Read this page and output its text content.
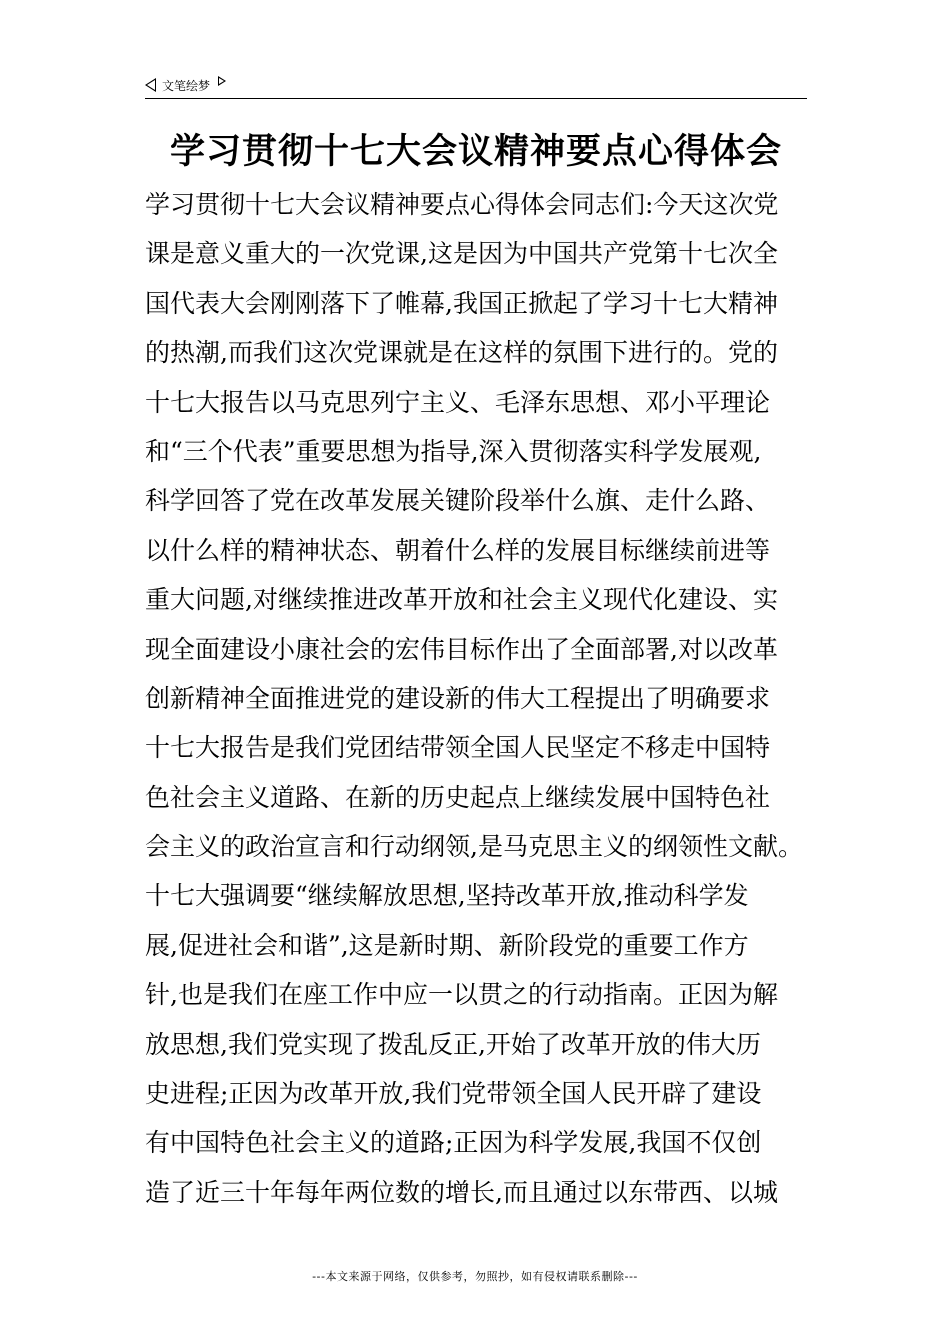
文笔绘梦
学习贯彻十七大会议精神要点心得体会
学习贯彻十七大会议精神要点心得体会同志们:今天这次党
课是意义重大的一次党课,这是因为中国共产党第十七次全
国代表大会刚刚落下了帷幕,我国正掀起了学习十七大精神
的热潮,而我们这次党课就是在这样的氛围下进行的。党的
十七大报告以马克思列宁主义、毛泽东思想、邓小平理论
和“三个代表”重要思想为指导,深入贯彻落实科学发展观,
科学回答了党在改革发展关键阶段举什么旗、走什么路、
以什么样的精神状态、朝着什么样的发展目标继续前进等
重大问题,对继续推进改革开放和社会主义现代化建设、实
现全面建设小康社会的宏伟目标作出了全面部署,对以改革
创新精神全面推进党的建设新的伟大工程提出了明确要求
十七大报告是我们党团结带领全国人民坚定不移走中国特
色社会主义道路、在新的历史起点上继续发展中国特色社
会主义的政治宣言和行动纲领,是马克思主义的纲领性文献。
十七大强调要“继续解放思想,坚持改革开放,推动科学发
展,促进社会和谐”,这是新时期、新阶段党的重要工作方
针,也是我们在座工作中应一以贯之的行动指南。正因为解
放思想,我们党实现了拨乱反正,开始了改革开放的伟大历
史进程;正因为改革开放,我们党带领全国人民开辟了建设
有中国特色社会主义的道路;正因为科学发展,我国不仅创
造了近三十年每年两位数的增长,而且通过以东带西、以城
---本文来源于网络，仅供参考，勿照抄，如有侵权请联系删除---
